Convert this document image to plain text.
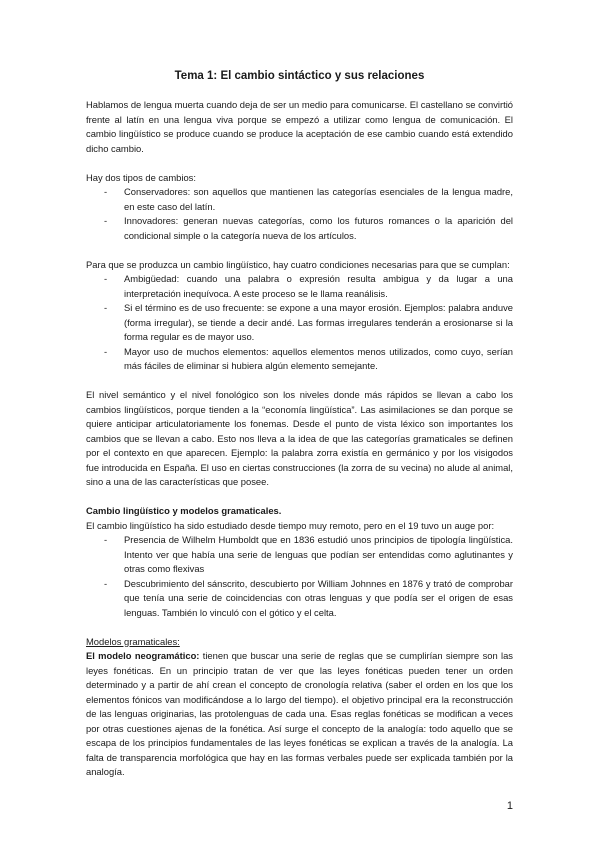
Tema 1: El cambio sintáctico y sus relaciones

Hablamos de lengua muerta cuando deja de ser un medio para comunicarse. El castellano se convirtió frente al latín en una lengua viva porque se empezó a utilizar como lengua de comunicación. El cambio lingüístico se produce cuando se produce la aceptación de ese cambio cuando está extendido dicho cambio.

Hay dos tipos de cambios:

- Conservadores: son aquellos que mantienen las categorías esenciales de la lengua madre, en este caso del latín.
- Innovadores: generan nuevas categorías, como los futuros romances o la aparición del condicional simple o la categoría nueva de los artículos.

Para que se produzca un cambio lingüístico, hay cuatro condiciones necesarias para que se cumplan:

- Ambigüedad: cuando una palabra o expresión resulta ambigua y da lugar a una interpretación inequívoca. A este proceso se le llama reanálisis.
- Si el término es de uso frecuente: se expone a una mayor erosión. Ejemplos: palabra anduve (forma irregular), se tiende a decir andé. Las formas irregulares tenderán a erosionarse si la forma regular es de mayor uso.
- Mayor uso de muchos elementos: aquellos elementos menos utilizados, como cuyo, serían más fáciles de eliminar si hubiera algún elemento semejante.

El nivel semántico y el nivel fonológico son los niveles donde más rápidos se llevan a cabo los cambios lingüísticos, porque tienden a la “economía lingüística”. Las asimilaciones se dan porque se quiere anticipar articulatoriamente los fonemas. Desde el punto de vista léxico son importantes los cambios que se llevan a cabo. Esto nos lleva a la idea de que las categorías gramaticales se definen por el contexto en que aparecen. Ejemplo: la palabra zorra existía en germánico y por los visigodos fue introducida en España. El uso en ciertas construcciones (la zorra de su vecina) no alude al animal, sino a una de las características que posee.

Cambio lingüístico y modelos gramaticales.

El cambio lingüístico ha sido estudiado desde tiempo muy remoto, pero en el 19 tuvo un auge por:

- Presencia de Wilhelm Humboldt que en 1836 estudió unos principios de tipología lingüística. Intento ver que había una serie de lenguas que podían ser entendidas como aglutinantes y otras como flexivas
- Descubrimiento del sánscrito, descubierto por William Johnnes en 1876 y trató de comprobar que tenía una serie de coincidencias con otras lenguas y que podía ser el origen de esas lenguas. También lo vinculó con el gótico y el celta.

Modelos gramaticales:

El modelo neogramático: tienen que buscar una serie de reglas que se cumplirían siempre son las leyes fonéticas. En un principio tratan de ver que las leyes fonéticas pueden tener un orden determinado y a partir de ahí crean el concepto de cronología relativa (saber el orden en los que los elementos fónicos van modificándose a lo largo del tiempo). el objetivo principal era la reconstrucción de las lenguas originarias, las protolenguas de cada una. Esas reglas fonéticas se modifican a veces por otras cuestiones ajenas de la fonética. Así surge el concepto de la analogía: todo aquello que se escapa de los principios fundamentales de las leyes fonéticas se explican a través de la analogía. La falta de transparencia morfológica que hay en las formas verbales puede ser explicada también por la analogía.

1
